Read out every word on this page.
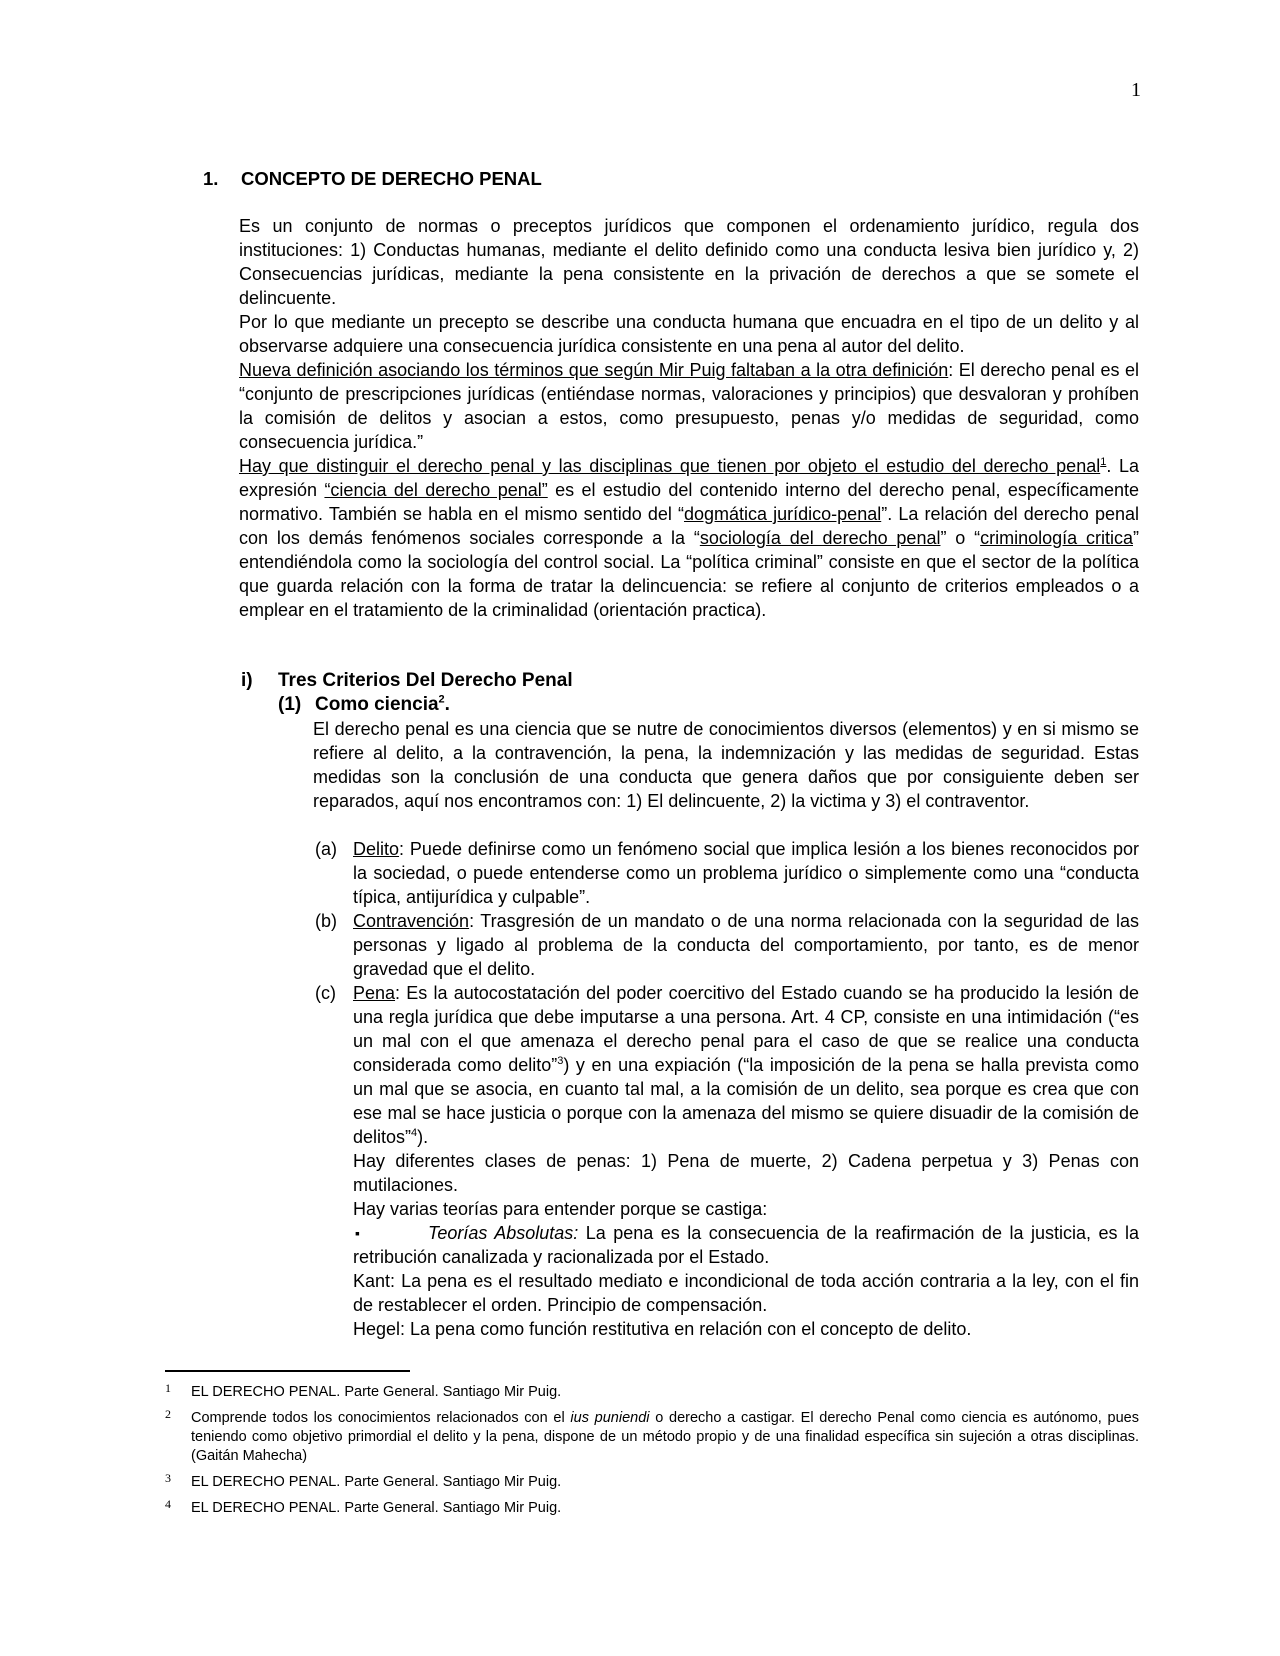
1
1. CONCEPTO DE DERECHO PENAL

Es un conjunto de normas o preceptos jurídicos que componen el ordenamiento jurídico, regula dos instituciones: 1) Conductas humanas, mediante el delito definido como una conducta lesiva bien jurídico y, 2) Consecuencias jurídicas, mediante la pena consistente en la privación de derechos a que se somete el delincuente.

Por lo que mediante un precepto se describe una conducta humana que encuadra en el tipo de un delito y al observarse adquiere una consecuencia jurídica consistente en una pena al autor del delito.

Nueva definición asociando los términos que según Mir Puig faltaban a la otra definición: El derecho penal es el “conjunto de prescripciones jurídicas (entiéndase normas, valoraciones y principios) que desvaloran y prohíben la comisión de delitos y asocian a estos, como presupuesto, penas y/o medidas de seguridad, como consecuencia jurídica.”

Hay que distinguir el derecho penal y las disciplinas que tienen por objeto el estudio del derecho penal$^1$. La expresión “ciencia del derecho penal” es el estudio del contenido interno del derecho penal, específicamente normativo. También se habla en el mismo sentido del “dogmática jurídico-penal”. La relación del derecho penal con los demás fenómenos sociales corresponde a la “sociología del derecho penal” o “criminología critica” entendiéndola como la sociología del control social. La “política criminal” consiste en que el sector de la política que guarda relación con la forma de tratar la delincuencia: se refiere al conjunto de criterios empleados o a emplear en el tratamiento de la criminalidad (orientación practica).

i) Tres Criterios Del Derecho Penal
(1) Como ciencia$^2$.

El derecho penal es una ciencia que se nutre de conocimientos diversos (elementos) y en si mismo se refiere al delito, a la contravención, la pena, la indemnización y las medidas de seguridad. Estas medidas son la conclusión de una conducta que genera daños que por consiguiente deben ser reparados, aquí nos encontramos con: 1) El delincuente, 2) la victima y 3) el contraventor.

(a) Delito: Puede definirse como un fenómeno social que implica lesión a los bienes reconocidos por la sociedad, o puede entenderse como un problema jurídico o simplemente como una “conducta típica, antijurídica y culpable”.
(b) Contravención: Trasgresión de un mandato o de una norma relacionada con la seguridad de las personas y ligado al problema de la conducta del comportamiento, por tanto, es de menor gravedad que el delito.
(c) Pena: Es la autocostatación del poder coercitivo del Estado cuando se ha producido la lesión de una regla jurídica que debe imputarse a una persona. Art. 4 CP, consiste en una intimidación (“es un mal con el que amenaza el derecho penal para el caso de que se realice una conducta considerada como delito”$^3$) y en una expiación (“la imposición de la pena se halla prevista como un mal que se asocia, en cuanto tal mal, a la comisión de un delito, sea porque es crea que con ese mal se hace justicia o porque con la amenaza del mismo se quiere disuadir de la comisión de delitos”$^4$).

Hay diferentes clases de penas: 1) Pena de muerte, 2) Cadena perpetua y 3) Penas con mutilaciones.

Hay varias teorías para entender porque se castiga:

▪	Teorías Absolutas: La pena es la consecuencia de la reafirmación de la justicia, es la retribución canalizada y racionalizada por el Estado.

Kant: La pena es el resultado mediato e incondicional de toda acción contraria a la ley, con el fin de restablecer el orden. Principio de compensación.

Hegel: La pena como función restitutiva en relación con el concepto de delito.

1 EL DERECHO PENAL. Parte General. Santiago Mir Puig.
2 Comprende todos los conocimientos relacionados con el ius puniendi o derecho a castigar. El derecho Penal como ciencia es autónomo, pues teniendo como objetivo primordial el delito y la pena, dispone de un método propio y de una finalidad específica sin sujeción a otras disciplinas. (Gaitán Mahecha)
3 EL DERECHO PENAL. Parte General. Santiago Mir Puig.
4 EL DERECHO PENAL. Parte General. Santiago Mir Puig.
